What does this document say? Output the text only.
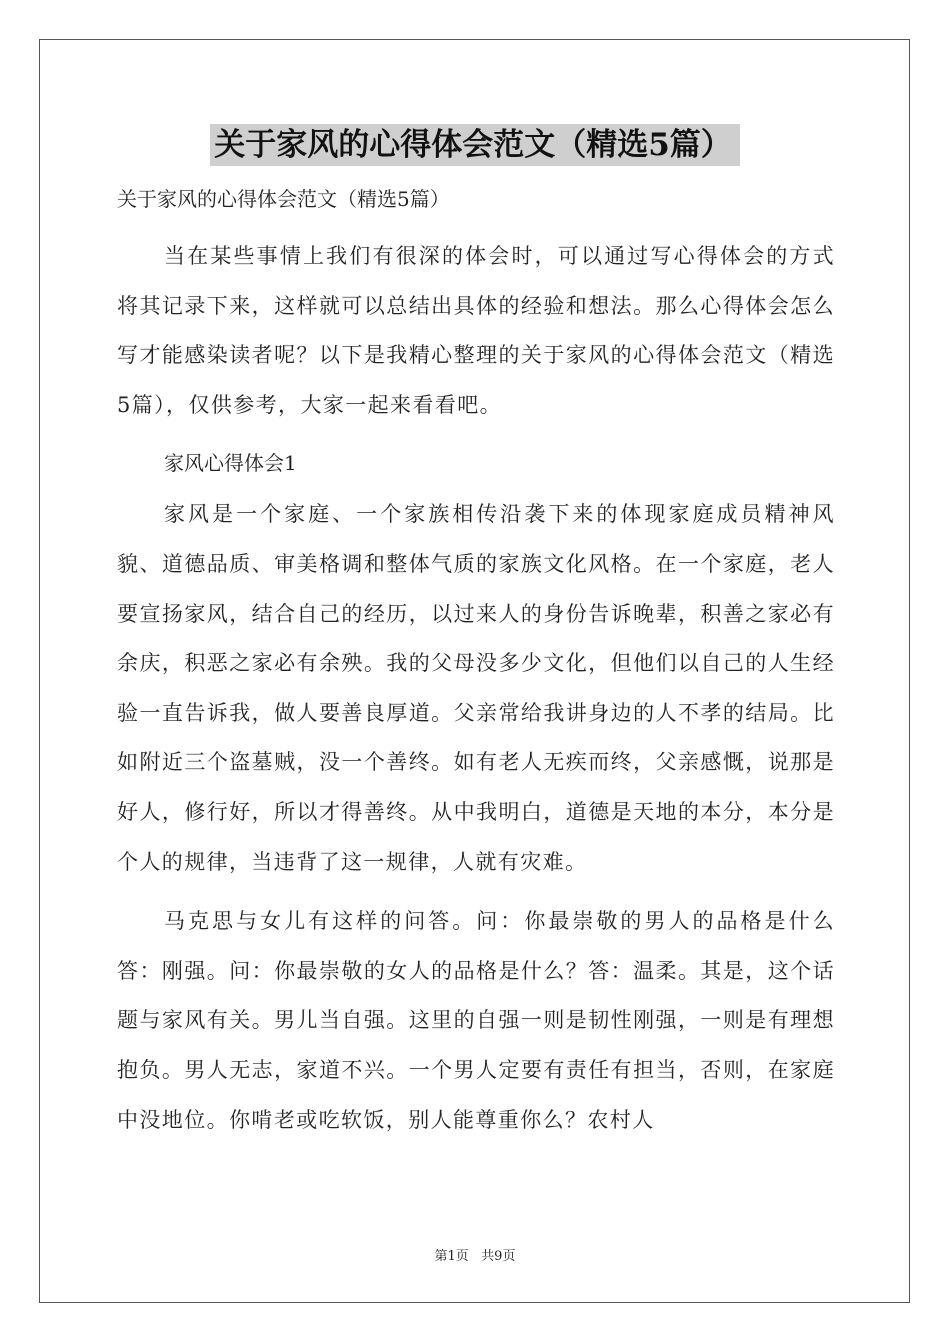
关于家风的心得体会范文（精选5篇）

关于家风的心得体会范文（精选5篇）

当在某些事情上我们有很深的体会时，可以通过写心得体会的方式将其记录下来，这样就可以总结出具体的经验和想法。那么心得体会怎么写才能感染读者呢？以下是我精心整理的关于家风的心得体会范文（精选5篇），仅供参考，大家一起来看看吧。

家风心得体会1

家风是一个家庭、一个家族相传沿袭下来的体现家庭成员精神风貌、道德品质、审美格调和整体气质的家族文化风格。在一个家庭，老人要宣扬家风，结合自己的经历，以过来人的身份告诉晚辈，积善之家必有余庆，积恶之家必有余殃。我的父母没多少文化，但他们以自己的人生经验一直告诉我，做人要善良厚道。父亲常给我讲身边的人不孝的结局。比如附近三个盗墓贼，没一个善终。如有老人无疾而终，父亲感慨，说那是好人，修行好，所以才得善终。从中我明白，道德是天地的本分，本分是个人的规律，当违背了这一规律，人就有灾难。

马克思与女儿有这样的问答。问：你最崇敬的男人的品格是什么答：刚强。问：你最崇敬的女人的品格是什么？答：温柔。其是，这个话题与家风有关。男儿当自强。这里的自强一则是韧性刚强，一则是有理想抱负。男人无志，家道不兴。一个男人定要有责任有担当，否则，在家庭中没地位。你啃老或吃软饭，别人能尊重你么？农村人

第1页   共9页
